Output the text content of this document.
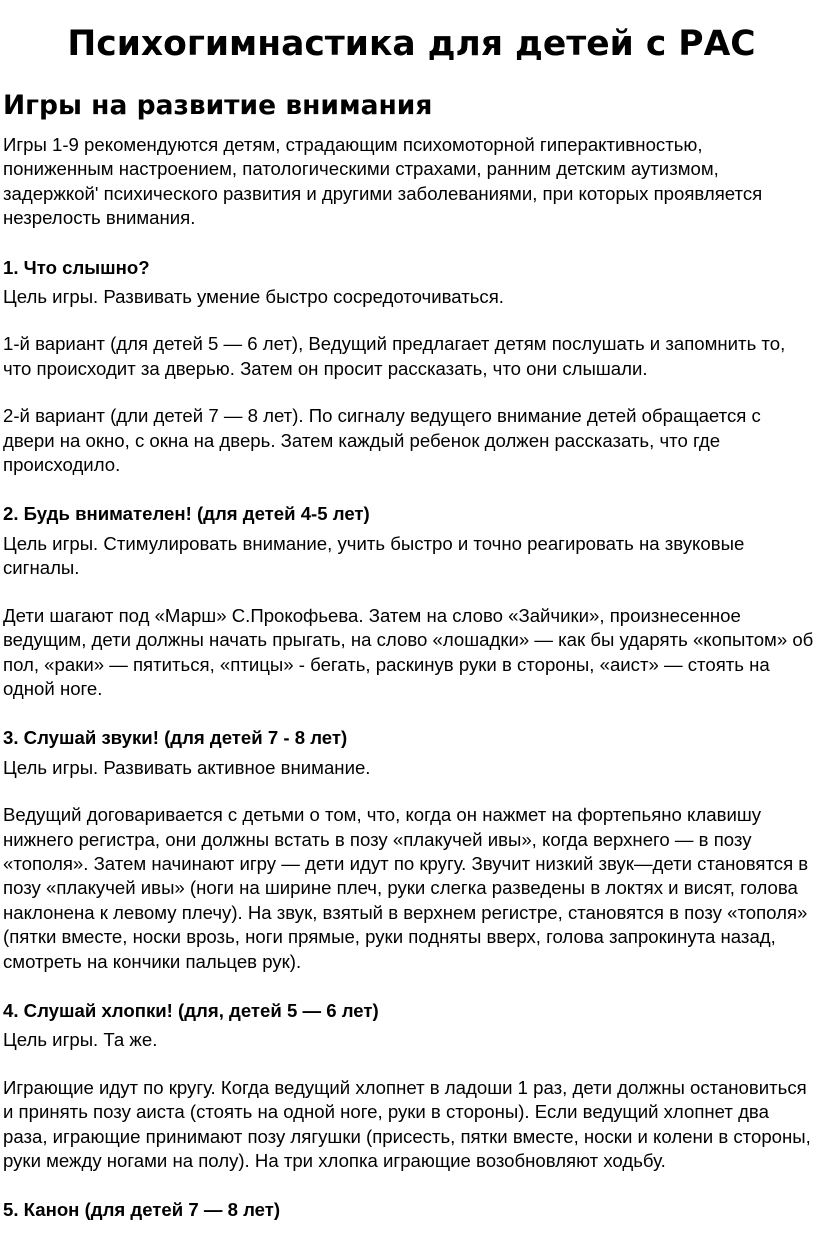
Психогимнастика для детей с РАС
Игры на развитие внимания

Игры 1-9 рекомендуются детям, страдающим психомоторной гиперактивностью, пониженным настроением, патологическими страхами, ранним детским аутизмом, задержкой' психического развития и другими заболеваниями, при которых проявляется незрелость внимания.

1. Что слышно?

Цель игры. Развивать умение быстро сосредоточиваться.

1-й вариант (для детей 5 — 6 лет), Ведущий предлагает детям послушать и запомнить то, что происходит за дверью. Затем он просит рассказать, что они слышали.

2-й вариант (дли детей 7 — 8 лет). По сигналу ведущего внимание детей обращается с двери на окно, с окна на дверь. Затем каждый ребенок должен рассказать, что где происходило.

2. Будь внимателен! (для детей 4-5 лет)

Цель игры. Стимулировать внимание, учить быстро и точно реагировать на звуковые сигналы.

Дети шагают под «Марш» С.Прокофьева. Затем на слово «Зайчики», произнесенное ведущим, дети должны начать прыгать, на слово «лошадки» — как бы ударять «копытом» об пол, «раки» — пятиться, «птицы» - бегать, раскинув руки в стороны, «аист» — стоять на одной ноге.

3. Слушай звуки! (для детей 7 - 8 лет)

Цель игры. Развивать активное внимание.

Ведущий договаривается с детьми о том, что, когда он нажмет на фортепьяно клавишу нижнего регистра, они должны встать в позу «плакучей ивы», когда верхнего — в позу «тополя». Затем начинают игру — дети идут по кругу. Звучит низкий звук—дети становятся в позу «плакучей ивы» (ноги на ширине плеч, руки слегка разведены в локтях и висят, голова наклонена к левому плечу). На звук, взятый в верхнем регистре, становятся в позу «тополя» (пятки вместе, носки врозь, ноги прямые, руки подняты вверх, голова запрокинута назад, смотреть на кончики пальцев рук).

4. Слушай хлопки! (для, детей 5 — 6 лет)

Цель игры. Та же.

Играющие идут по кругу. Когда ведущий хлопнет в ладоши 1 раз, дети должны остановиться и принять позу аиста (стоять на одной ноге, руки в стороны). Если ведущий хлопнет два раза, играющие принимают позу лягушки (присесть, пятки вместе, носки и колени в стороны, руки между ногами на полу). На три хлопка играющие возобновляют ходьбу.

5. Канон (для детей 7 — 8 лет)
